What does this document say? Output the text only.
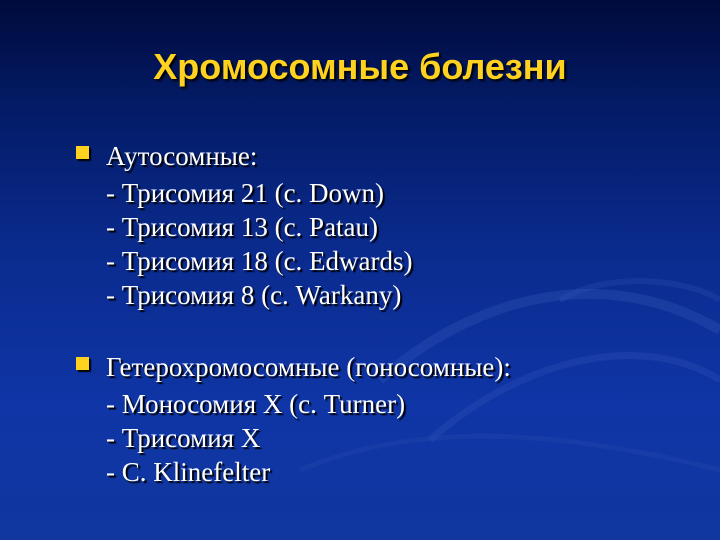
Хромосомные болезни
Аутосомные:
- Трисомия 21 (с. Down)
- Трисомия 13 (с. Patau)
- Трисомия 18 (с. Edwards)
- Трисомия 8 (с. Warkany)
Гетерохромосомные (гоносомные):
- Моносомия X (с. Turner)
- Трисомия X
- С. Klinefelter
